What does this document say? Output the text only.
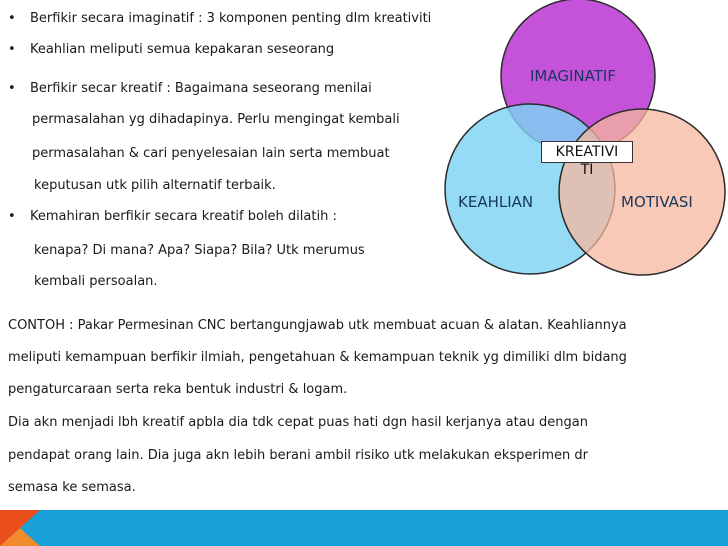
IMAGINATIF
KEAHLIAN	MOTIVASI
KREATIVI
TI
• Berfikir secara imaginatif : 3 komponen penting dlm kreativiti
• Keahlian meliputi semua kepakaran seseorang
• Berfikir secar kreatif : Bagaimana seseorang menilai
permasalahan yg dihadapinya. Perlu mengingat kembali
permasalahan & cari penyelesaian lain serta membuat
keputusan utk pilih alternatif terbaik.
• Kemahiran berfikir secara kreatif boleh dilatih :
kenapa? Di mana? Apa? Siapa? Bila? Utk merumus
kembali persoalan.
CONTOH : Pakar Permesinan CNC bertangungjawab utk membuat acuan & alatan. Keahliannya
meliputi kemampuan berfikir ilmiah, pengetahuan & kemampuan teknik yg dimiliki dlm bidang
pengaturcaraan serta reka bentuk industri & logam.
Dia akn menjadi lbh kreatif apbla dia tdk cepat puas hati dgn hasil kerjanya atau dengan
pendapat orang lain. Dia juga akn lebih berani ambil risiko utk melakukan eksperimen dr
semasa ke semasa.
